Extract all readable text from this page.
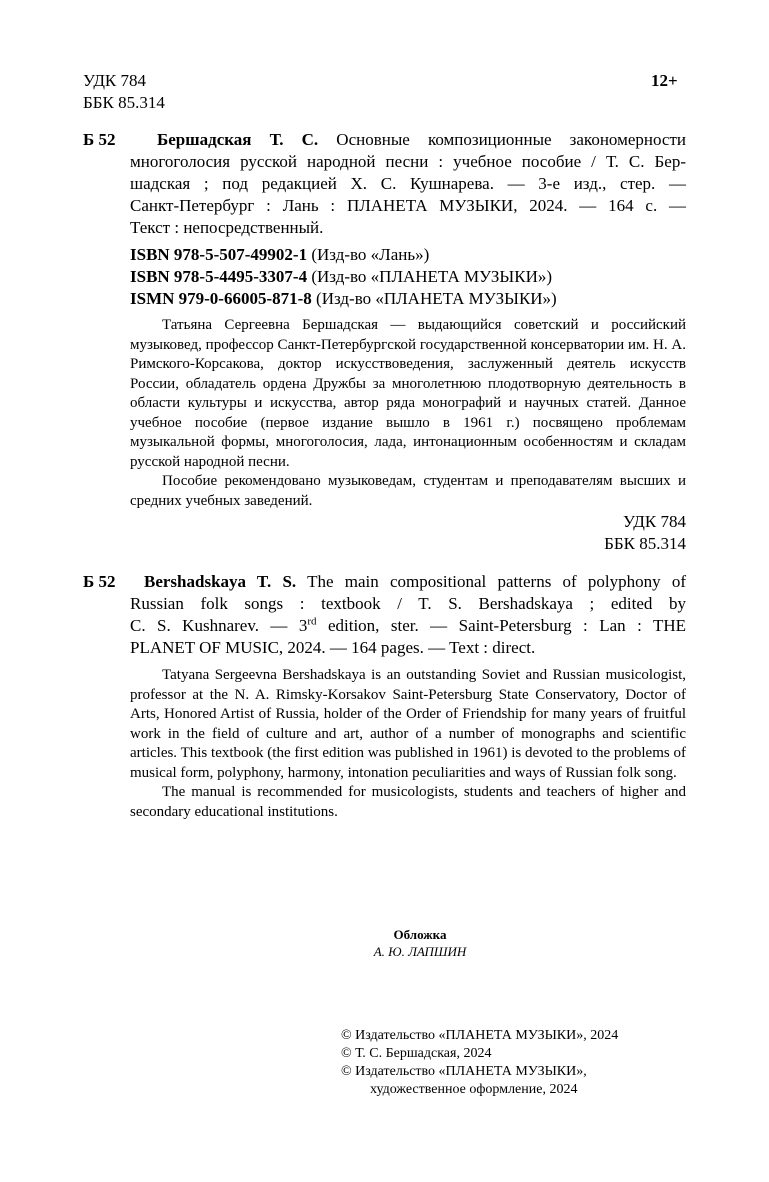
УДК 784
ББК 85.314
12+
Б 52	Бершадская Т. С. Основные композиционные закономерности
многоголосия русской народной песни : учебное пособие / Т. С. Бер-
шадская ; под редакцией Х. С. Кушнарева. — 3-е изд., стер. —
Санкт-Петербург : Лань : ПЛАНЕТА МУЗЫКИ, 2024. — 164 с. —
Текст : непосредственный.
ISBN 978-5-507-49902-1 (Изд-во «Лань»)
ISBN 978-5-4495-3307-4 (Изд-во «ПЛАНЕТА МУЗЫКИ»)
ISMN 979-0-66005-871-8 (Изд-во «ПЛАНЕТА МУЗЫКИ»)

Татьяна Сергеевна Бершадская — выдающийся советский и российский музыковед, профессор Санкт-Петербургской государственной консерватории им. Н. А. Римского-Корсакова, доктор искусствоведения, заслуженный деятель искусств России, обладатель ордена Дружбы за многолетнюю плодотворную деятельность в области культуры и искусства, автор ряда монографий и научных статей. Данное учебное пособие (первое издание вышло в 1961 г.) посвящено проблемам музыкальной формы, многоголосия, лада, интонационным особенностям и складам русской народной песни.

Пособие рекомендовано музыковедам, студентам и преподавателям высших и средних учебных заведений.

УДК 784
ББК 85.314
Б 52	Bershadskaya T. S. The main compositional patterns of polyphony of
Russian folk songs : textbook / T. S. Bershadskaya ; edited by
C. S. Kushnarev. — 3rd edition, ster. — Saint-Petersburg : Lan : THE
PLANET OF MUSIC, 2024. — 164 pages. — Text : direct.

Tatyana Sergeevna Bershadskaya is an outstanding Soviet and Russian musicologist, professor at the N. A. Rimsky-Korsakov Saint-Petersburg State Conservatory, Doctor of Arts, Honored Artist of Russia, holder of the Order of Friendship for many years of fruitful work in the field of culture and art, author of a number of monographs and scientific articles. This textbook (the first edition was published in 1961) is devoted to the problems of musical form, polyphony, harmony, intonation peculiarities and ways of Russian folk song.

The manual is recommended for musicologists, students and teachers of higher and secondary educational institutions.

Обложка
А. Ю. ЛАПШИН
© Издательство «ПЛАНЕТА МУЗЫКИ», 2024
© Т. С. Бершадская, 2024
© Издательство «ПЛАНЕТА МУЗЫКИ»,
художественное оформление, 2024
